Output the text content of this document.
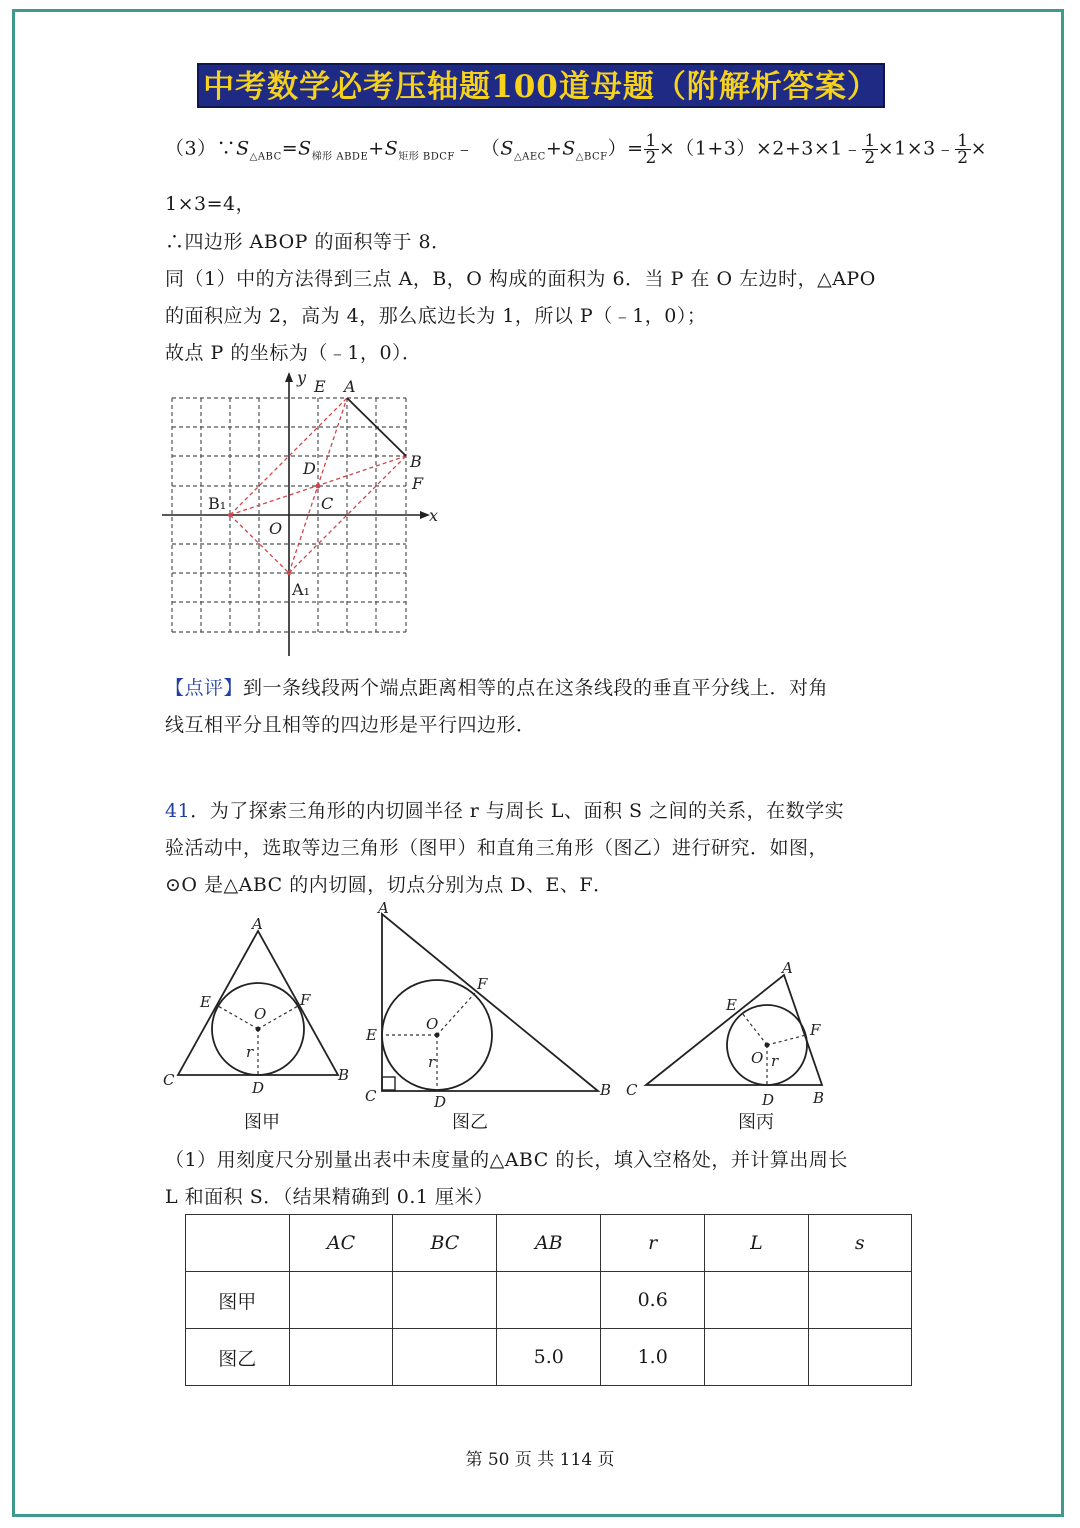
中考数学必考压轴题100道母题（附解析答案）
$(3)\because S_{\triangle ABC}=S_{梯形 ABDE}+S_{矩形 BDCF}﹣$ $(S_{\triangle AEC}+S_{\triangle BCF})= \frac{1}{2}$ ×（1+3）×2+3×1﹣ $\frac{1}{2}$ ×1×3﹣ $\frac{1}{2}$ ×
1×3=4，
∴四边形 ABOP 的面积等于 8．
同（1）中的方法得到三点 A，B，O 构成的面积为 6．当 P 在 O 左边时，△APO
的面积应为 2，高为 4，那么底边长为 1，所以 P（﹣1，0）；
故点 P 的坐标为（﹣1，0）．
y E A
D	B
F
B₁	C
O
x
A₁
【点评】到一条线段两个端点距离相等的点在这条线段的垂直平分线上．对角
线互相平分且相等的四边形是平行四边形．
41．为了探索三角形的内切圆半径 r 与周长 L、面积 S 之间的关系，在数学实
验活动中，选取等边三角形（图甲）和直角三角形（图乙）进行研究．如图，
⊙O 是△ABC 的内切圆，切点分别为点 D、E、F．
A
E	F
O
r
C	B
D
图甲
A
F
E
O
r
C	D
B
图乙
A
E
F
O r
C
D	B
图丙
（1）用刻度尺分别量出表中未度量的△ABC 的长，填入空格处，并计算出周长
L 和面积 S．（结果精确到 0.1 厘米）
	AC	BC	AB	r	L	s
图甲				0.6		
图乙			5.0	1.0		
第 50 页 共 114 页
